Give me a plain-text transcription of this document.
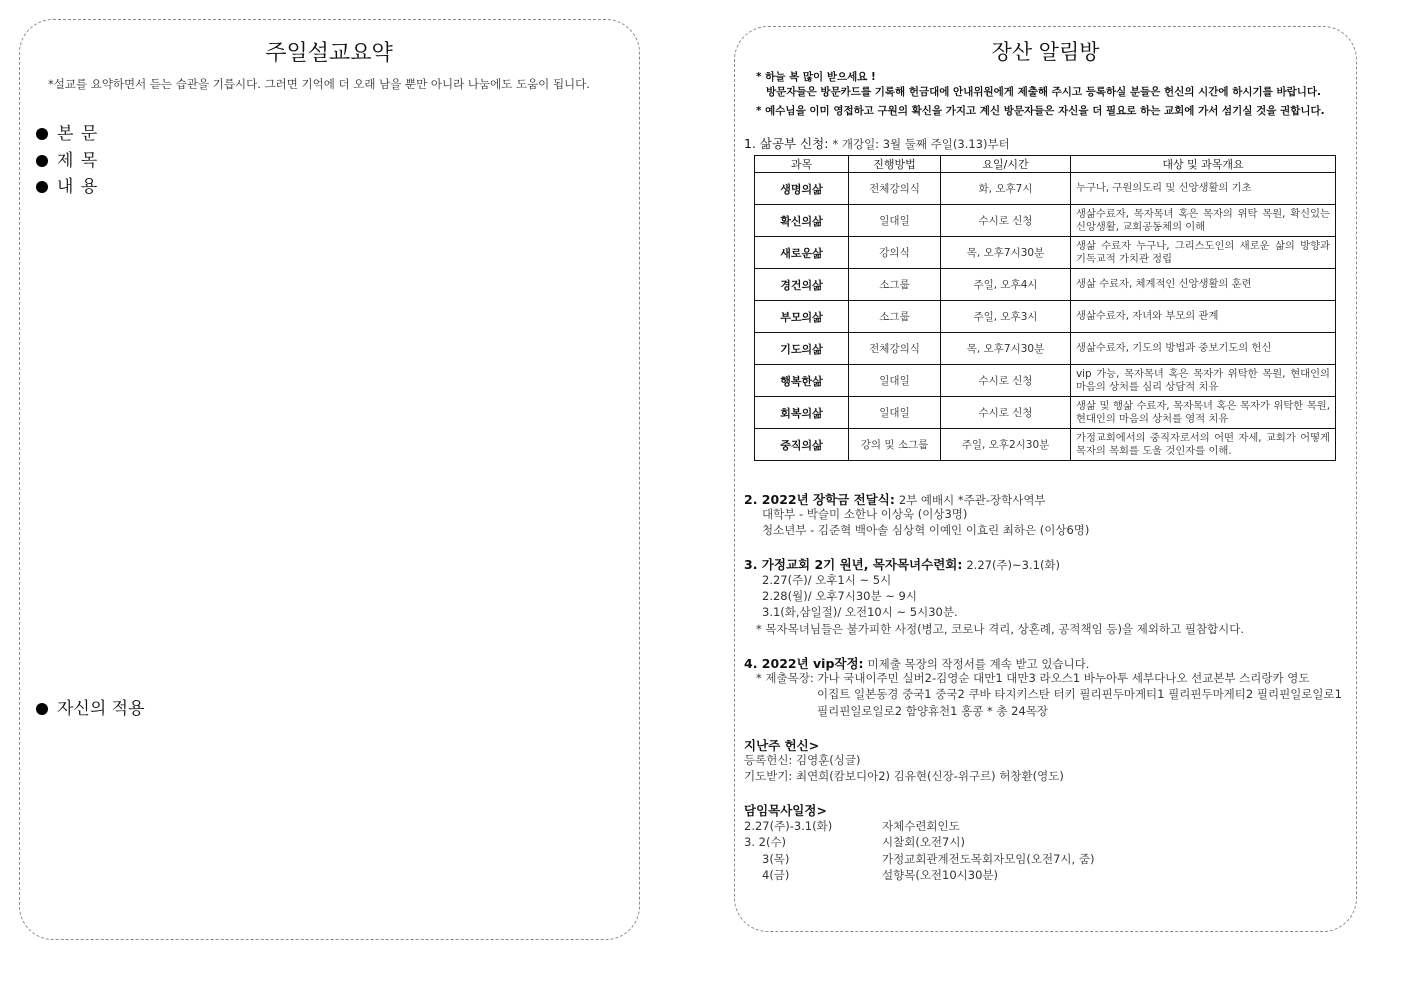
주일설교요약
*설교를 요약하면서 듣는 습관을 기릅시다. 그러면 기억에 더 오래 남을 뿐만 아니라 나눔에도 도움이 됩니다.
본 문
제 목
내 용
자신의 적용
장산 알림방
* 하늘 복 많이 받으세요 !
방문자들은 방문카드를 기록해 헌금대에 안내위원에게 제출해 주시고 등록하실 분들은 헌신의 시간에 하시기를 바랍니다.
* 예수님을 이미 영접하고 구원의 확신을 가지고 계신 방문자들은 자신을 더 필요로 하는 교회에 가서 섬기실 것을 권합니다.
1. 삶공부 신청: * 개강일: 3월 둘째 주일(3.13)부터
과목	진행방법	요일/시간	대상 및 과목개요
생명의삶	전체강의식	화, 오후7시	누구나, 구원의도리 및 신앙생활의 기초
확신의삶	일대일	수시로 신청	생삶수료자, 목자목녀 혹은 목자의 위탁 목원, 확신있는 신앙생활, 교회공동체의 이해
새로운삶	강의식	목, 오후7시30분	생삶 수료자 누구나, 그리스도인의 새로운 삶의 방향과 기독교적 가치관 정립
경건의삶	소그룹	주일, 오후4시	생삶 수료자, 체계적인 신앙생활의 훈련
부모의삶	소그룹	주일, 오후3시	생삶수료자, 자녀와 부모의 관계
기도의삶	전체강의식	목, 오후7시30분	생삶수료자, 기도의 방법과 중보기도의 헌신
행복한삶	일대일	수시로 신청	vip 가능, 목자목녀 혹은 목자가 위탁한 목원, 현대인의 마음의 상처를 심리 상담적 치유
회복의삶	일대일	수시로 신청	생삶 및 행삶 수료자, 목자목녀 혹은 목자가 위탁한 목원, 현대인의 마음의 상처를 영적 치유
중직의삶	강의 및 소그룹	주일, 오후2시30분	가정교회에서의 중직자로서의 어떤 자세, 교회가 어떻게 목자의 목회를 도울 것인자를 이해.
2. 2022년 장학금 전달식: 2부 예배시 *주관-장학사역부
대학부 - 박슬미 소한나 이상욱 (이상3명)
청소년부 - 김준혁 백아솔 심상혁 이예인 이효린 최하은 (이상6명)
3. 가정교회 2기 원년, 목자목녀수련회: 2.27(주)~3.1(화)
2.27(주)/ 오후1시 ~ 5시
2.28(월)/ 오후7시30분 ~ 9시
3.1(화,삼일절)/ 오전10시 ~ 5시30분.
* 목자목녀님들은 불가피한 사정(병고, 코로나 격리, 상혼례, 공적책임 등)을 제외하고 필참합시다.
4. 2022년 vip작정: 미제출 목장의 작정서를 계속 받고 있습니다.
* 제출목장: 가나 국내이주민 실버2-김영순 대만1 대만3 라오스1 바누아투 세부다나오 선교본부 스리랑카 영도
이집트 일본동경 중국1 중국2 쿠바 타지키스탄 터키 필리핀두마게티1 필리핀두마게티2 필리핀일로일로1
필리핀일로일로2 함양휴천1 홍콩 * 총 24목장
지난주 헌신>
등록헌신: 김영훈(싱글)
기도받기: 최연희(캄보디아2) 김유현(신장-위구르) 허창환(영도)
담임목사일정>
2.27(주)-3.1(화)	자체수련회인도
3. 2(수)	시찰회(오전7시)
3(목)	가정교회관계전도목회자모임(오전7시, 줌)
4(금)	설향목(오전10시30분)
